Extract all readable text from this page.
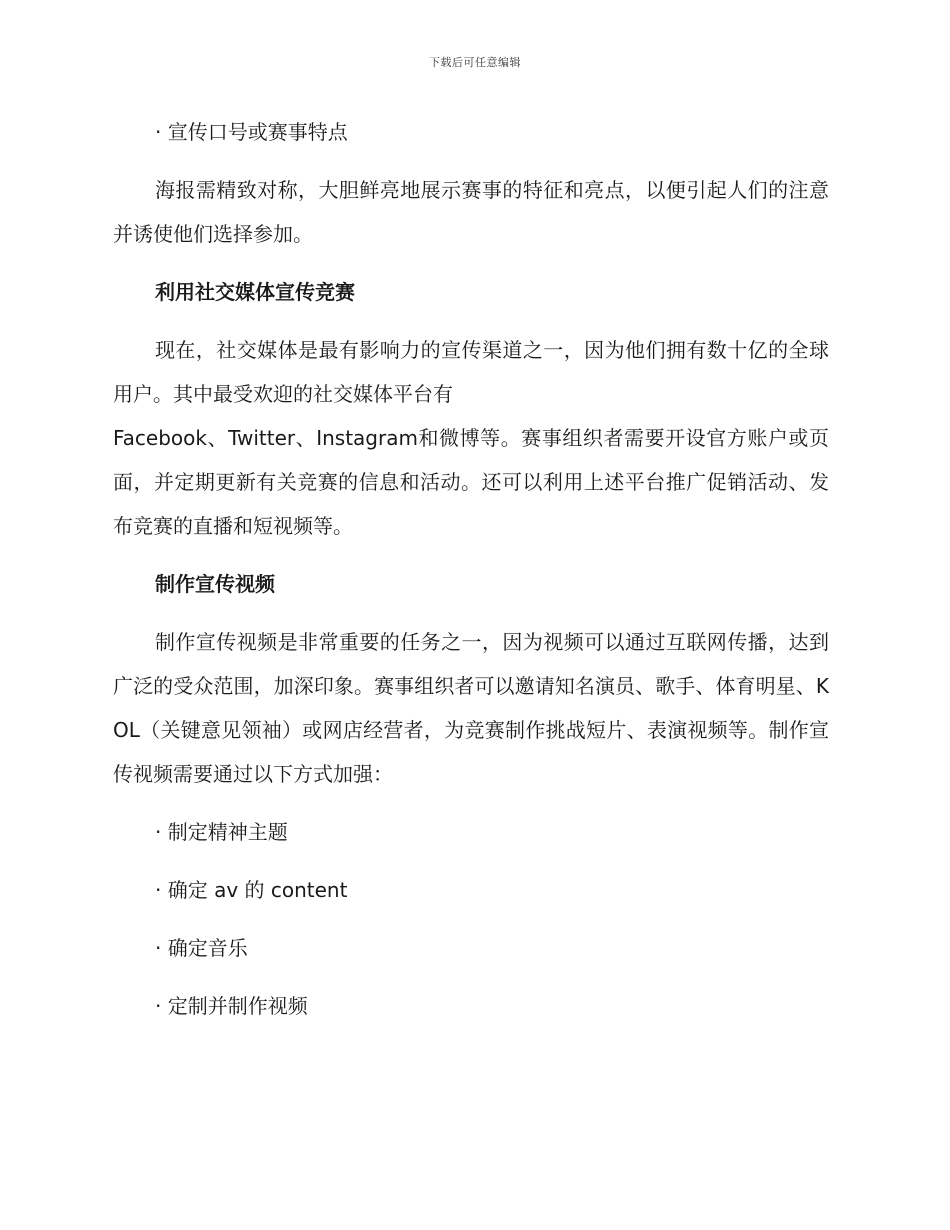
下载后可任意编辑

· 宣传口号或赛事特点

海报需精致对称，大胆鲜亮地展示赛事的特征和亮点，以便引起人们的注意并诱使他们选择参加。

利用社交媒体宣传竞赛

现在，社交媒体是最有影响力的宣传渠道之一，因为他们拥有数十亿的全球用户。其中最受欢迎的社交媒体平台有

Facebook、Twitter、Instagram和微博等。赛事组织者需要开设官方账户或页面，并定期更新有关竞赛的信息和活动。还可以利用上述平台推广促销活动、发布竞赛的直播和短视频等。

制作宣传视频

制作宣传视频是非常重要的任务之一，因为视频可以通过互联网传播，达到广泛的受众范围，加深印象。赛事组织者可以邀请知名演员、歌手、体育明星、KOL（关键意见领袖）或网店经营者，为竞赛制作挑战短片、表演视频等。制作宣传视频需要通过以下方式加强：

· 制定精神主题

· 确定 av 的 content

· 确定音乐

· 定制并制作视频
